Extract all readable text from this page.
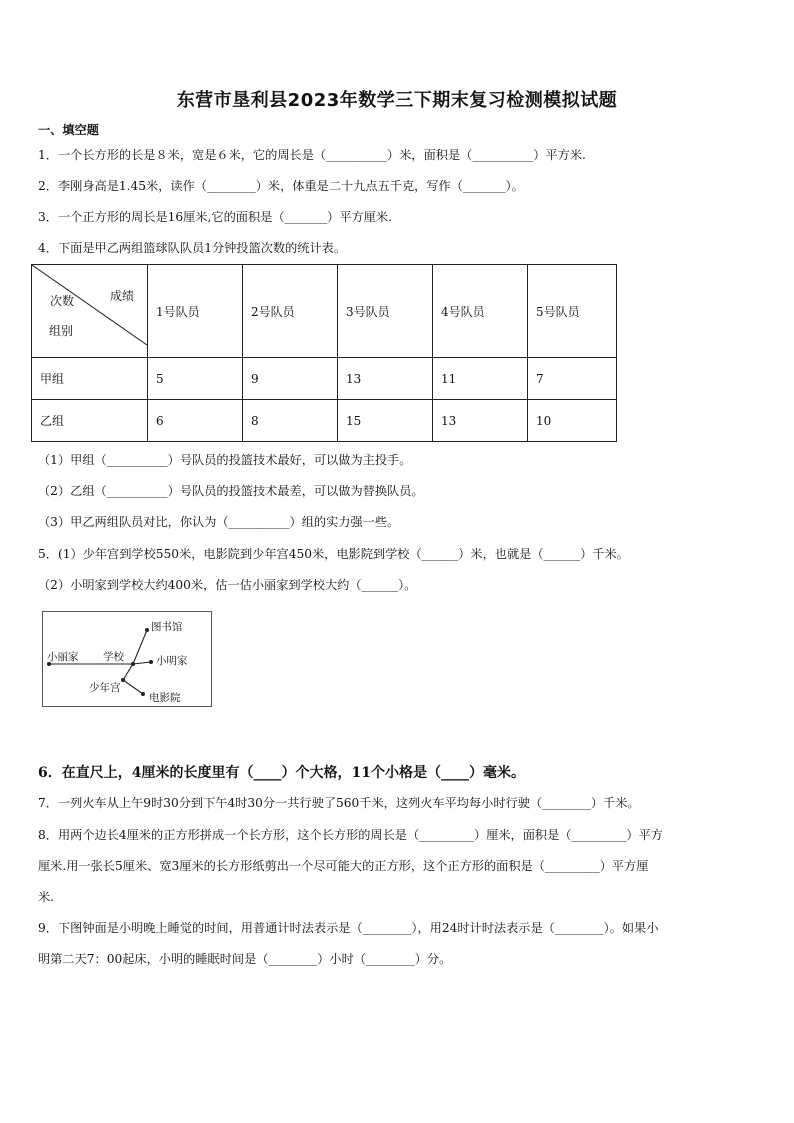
东营市垦利县2023年数学三下期末复习检测模拟试题
一、填空题
1．一个长方形的长是８米，宽是６米，它的周长是（__________）米，面积是（__________）平方米.
2．李刚身高是1.45米，读作（________）米，体重是二十九点五千克，写作（_______）。
3．一个正方形的周长是16厘米,它的面积是（_______）平方厘米.
4．下面是甲乙两组篮球队队员1分钟投篮次数的统计表。
成绩
次数
组别	1号队员	2号队员	3号队员	4号队员	5号队员
甲组	5	9	13	11	7
乙组	6	8	15	13	10
（1）甲组（__________）号队员的投篮技术最好，可以做为主投手。
（2）乙组（__________）号队员的投篮技术最差，可以做为替换队员。
（3）甲乙两组队员对比，你认为（__________）组的实力强一些。
5．(1）少年宫到学校550米，电影院到少年宫450米，电影院到学校（______）米，也就是（______）千米。
（2）小明家到学校大约400米，估一估小丽家到学校大约（______）。
图书馆
小丽家 学校	小明家
少年宫
电影院
6．在直尺上，4厘米的长度里有（____）个大格，11个小格是（____）毫米。
7．一列火车从上午9时30分到下午4时30分一共行驶了560千米，这列火车平均每小时行驶（________）千米。
8．用两个边长4厘米的正方形拼成一个长方形，这个长方形的周长是（_________）厘米，面积是（_________）平方
厘米.用一张长5厘米、宽3厘米的长方形纸剪出一个尽可能大的正方形，这个正方形的面积是（_________）平方厘
米.
9．下图钟面是小明晚上睡觉的时间，用普通计时法表示是（________），用24时计时法表示是（________）。如果小
明第二天7：00起床，小明的睡眠时间是（________）小时（________）分。
